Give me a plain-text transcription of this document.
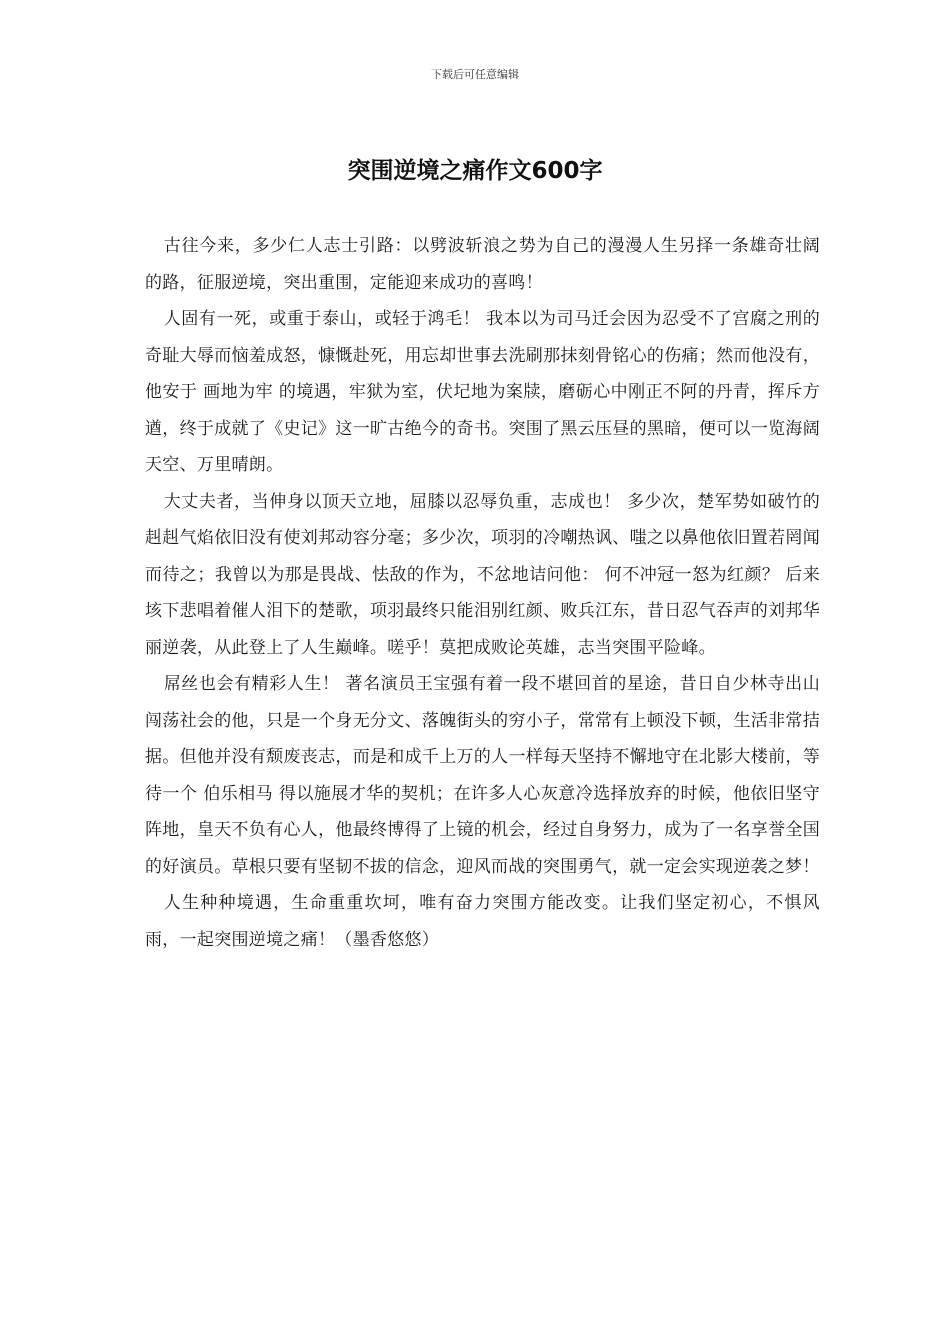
下载后可任意编辑
突围逆境之痛作文600字

古往今来，多少仁人志士引路：以劈波斩浪之势为自己的漫漫人生另择一条雄奇壮阔的路，征服逆境，突出重围，定能迎来成功的喜鸣！

人固有一死，或重于泰山，或轻于鸿毛！ 我本以为司马迁会因为忍受不了宫腐之刑的奇耻大辱而恼羞成怒，慷慨赴死，用忘却世事去洗刷那抹刻骨铭心的伤痛；然而他没有，他安于 画地为牢 的境遇，牢狱为室，伏圮地为案牍，磨砺心中刚正不阿的丹青，挥斥方遒，终于成就了《史记》这一旷古绝今的奇书。突围了黑云压昼的黑暗，便可以一览海阔天空、万里晴朗。

大丈夫者，当伸身以顶天立地，屈膝以忍辱负重，志成也！ 多少次，楚军势如破竹的赳赳气焰依旧没有使刘邦动容分毫；多少次，项羽的冷嘲热讽、嗤之以鼻他依旧置若罔闻而待之；我曾以为那是畏战、怯敌的作为，不忿地诘问他： 何不冲冠一怒为红颜？ 后来垓下悲唱着催人泪下的楚歌，项羽最终只能泪别红颜、败兵江东，昔日忍气吞声的刘邦华丽逆袭，从此登上了人生巅峰。嗟乎！莫把成败论英雄，志当突围平险峰。

屌丝也会有精彩人生！ 著名演员王宝强有着一段不堪回首的星途，昔日自少林寺出山闯荡社会的他，只是一个身无分文、落魄街头的穷小子，常常有上顿没下顿，生活非常拮据。但他并没有颓废丧志，而是和成千上万的人一样每天坚持不懈地守在北影大楼前，等待一个 伯乐相马 得以施展才华的契机；在许多人心灰意冷选择放弃的时候，他依旧坚守阵地，皇天不负有心人，他最终博得了上镜的机会，经过自身努力，成为了一名享誉全国的好演员。草根只要有坚韧不拔的信念，迎风而战的突围勇气，就一定会实现逆袭之梦！

人生种种境遇，生命重重坎坷，唯有奋力突围方能改变。让我们坚定初心，不惧风雨，一起突围逆境之痛！（墨香悠悠）
